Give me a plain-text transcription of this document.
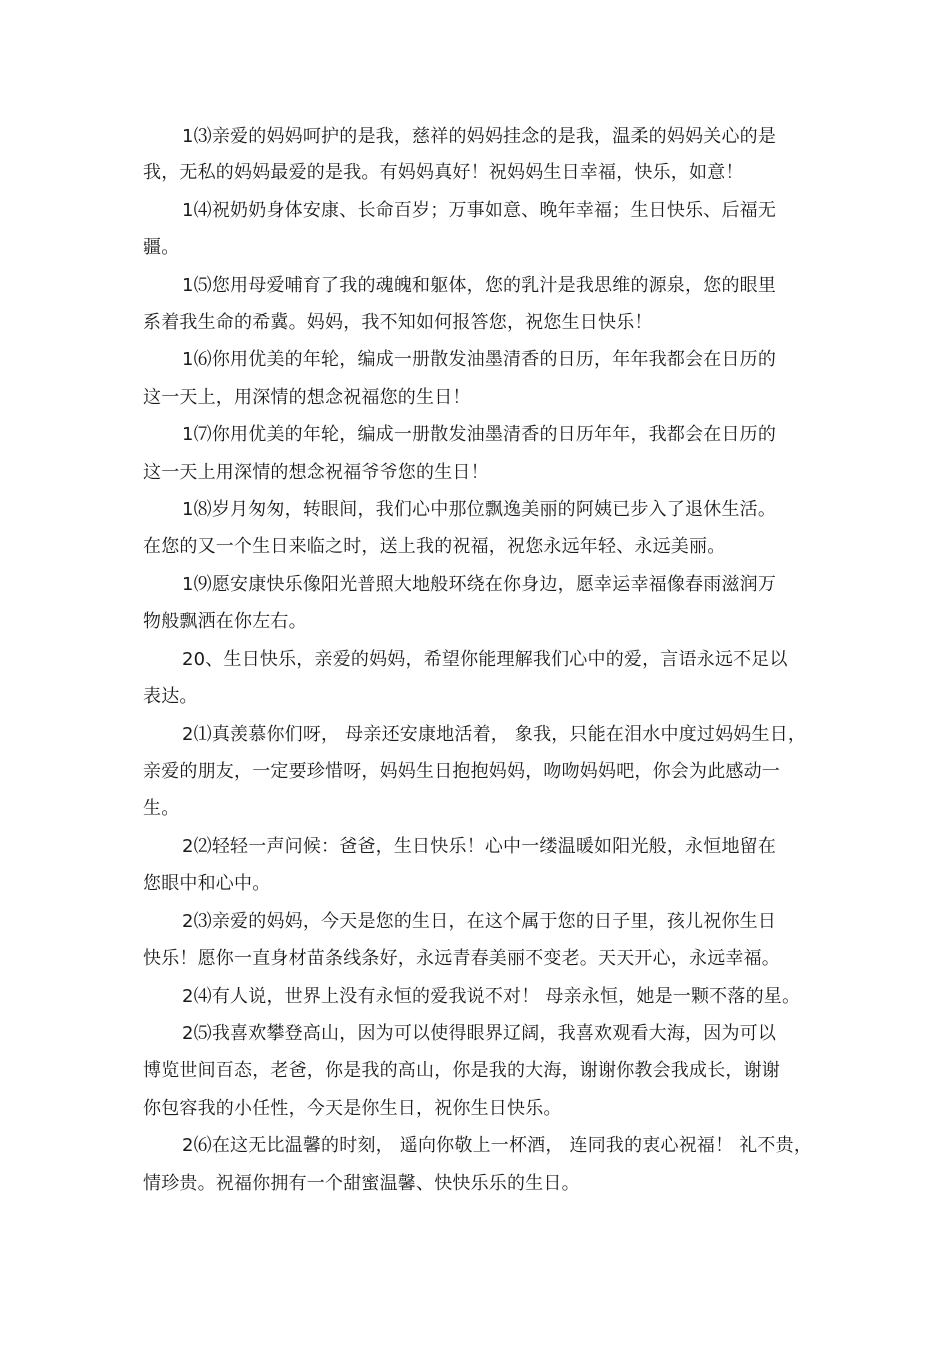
1⑶亲爱的妈妈呵护的是我，慈祥的妈妈挂念的是我，温柔的妈妈关心的是

我，无私的妈妈最爱的是我。有妈妈真好！祝妈妈生日幸福，快乐，如意！

1⑷祝奶奶身体安康、长命百岁；万事如意、晚年幸福；生日快乐、后福无

疆。

1⑸您用母爱哺育了我的魂魄和躯体，您的乳汁是我思维的源泉，您的眼里

系着我生命的希冀。妈妈，我不知如何报答您，祝您生日快乐！

1⑹你用优美的年轮，编成一册散发油墨清香的日历，年年我都会在日历的

这一天上，用深情的想念祝福您的生日！

1⑺你用优美的年轮，编成一册散发油墨清香的日历年年，我都会在日历的

这一天上用深情的想念祝福爷爷您的生日！

1⑻岁月匆匆，转眼间，我们心中那位飘逸美丽的阿姨已步入了退休生活。

在您的又一个生日来临之时，送上我的祝福，祝您永远年轻、永远美丽。

1⑼愿安康快乐像阳光普照大地般环绕在你身边，愿幸运幸福像春雨滋润万

物般飘洒在你左右。

20、生日快乐，亲爱的妈妈，希望你能理解我们心中的爱，言语永远不足以

表达。

2⑴真羡慕你们呀， 母亲还安康地活着， 象我，只能在泪水中度过妈妈生日，

亲爱的朋友，一定要珍惜呀，妈妈生日抱抱妈妈，吻吻妈妈吧，你会为此感动一

生。

2⑵轻轻一声问候：爸爸，生日快乐！心中一缕温暖如阳光般，永恒地留在

您眼中和心中。

2⑶亲爱的妈妈，今天是您的生日，在这个属于您的日子里，孩儿祝你生日

快乐！愿你一直身材苗条线条好，永远青春美丽不变老。天天开心，永远幸福。

2⑷有人说，世界上没有永恒的爱我说不对！ 母亲永恒，她是一颗不落的星。

2⑸我喜欢攀登高山，因为可以使得眼界辽阔，我喜欢观看大海，因为可以

博览世间百态，老爸，你是我的高山，你是我的大海，谢谢你教会我成长，谢谢

你包容我的小任性，今天是你生日，祝你生日快乐。

2⑹在这无比温馨的时刻， 遥向你敬上一杯酒， 连同我的衷心祝福！ 礼不贵，

情珍贵。祝福你拥有一个甜蜜温馨、快快乐乐的生日。
